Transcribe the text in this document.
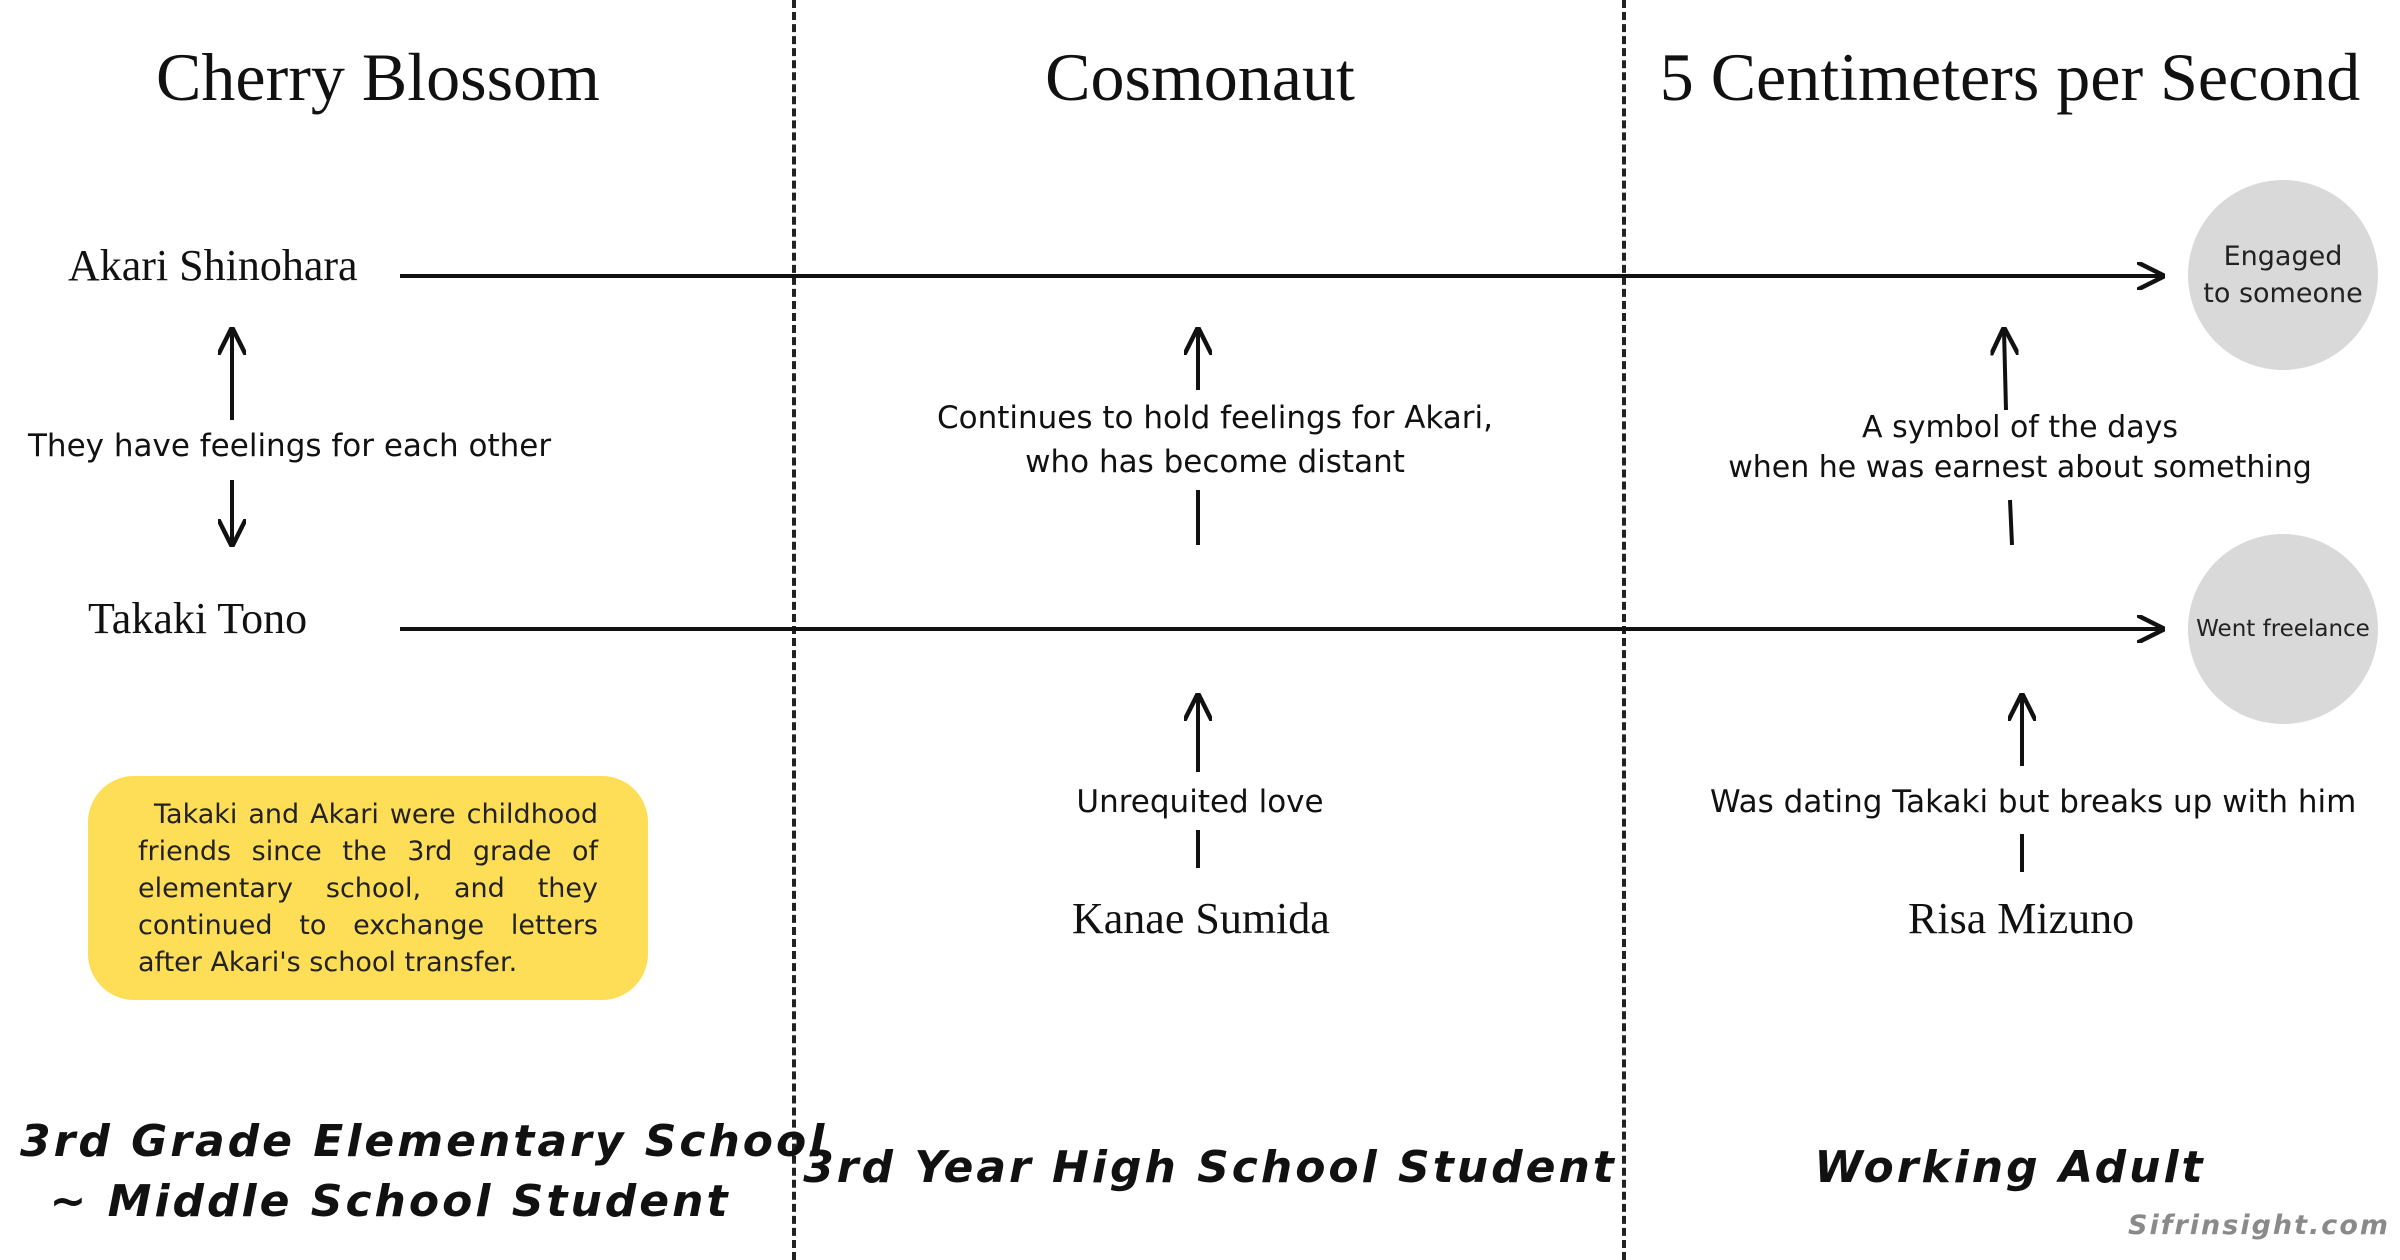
Cherry Blossom	Cosmonaut	5 Centimeters per Second
Akari Shinohara
Takaki Tono
Kanae Sumida	Risa Mizuno
They have feelings for each other
Continues to hold feelings for Akari,
who has become distant
A symbol of the days
when he was earnest about something
Unrequited love	Was dating Takaki but breaks up with him
Engaged
to someone
Went freelance
Takaki and Akari were childhood friends since the 3rd grade of elementary school, and they continued to exchange letters after Akari's school transfer.
3rd Grade Elementary School
~ Middle School Student
3rd Year High School Student	Working Adult
Sifrinsight.com
